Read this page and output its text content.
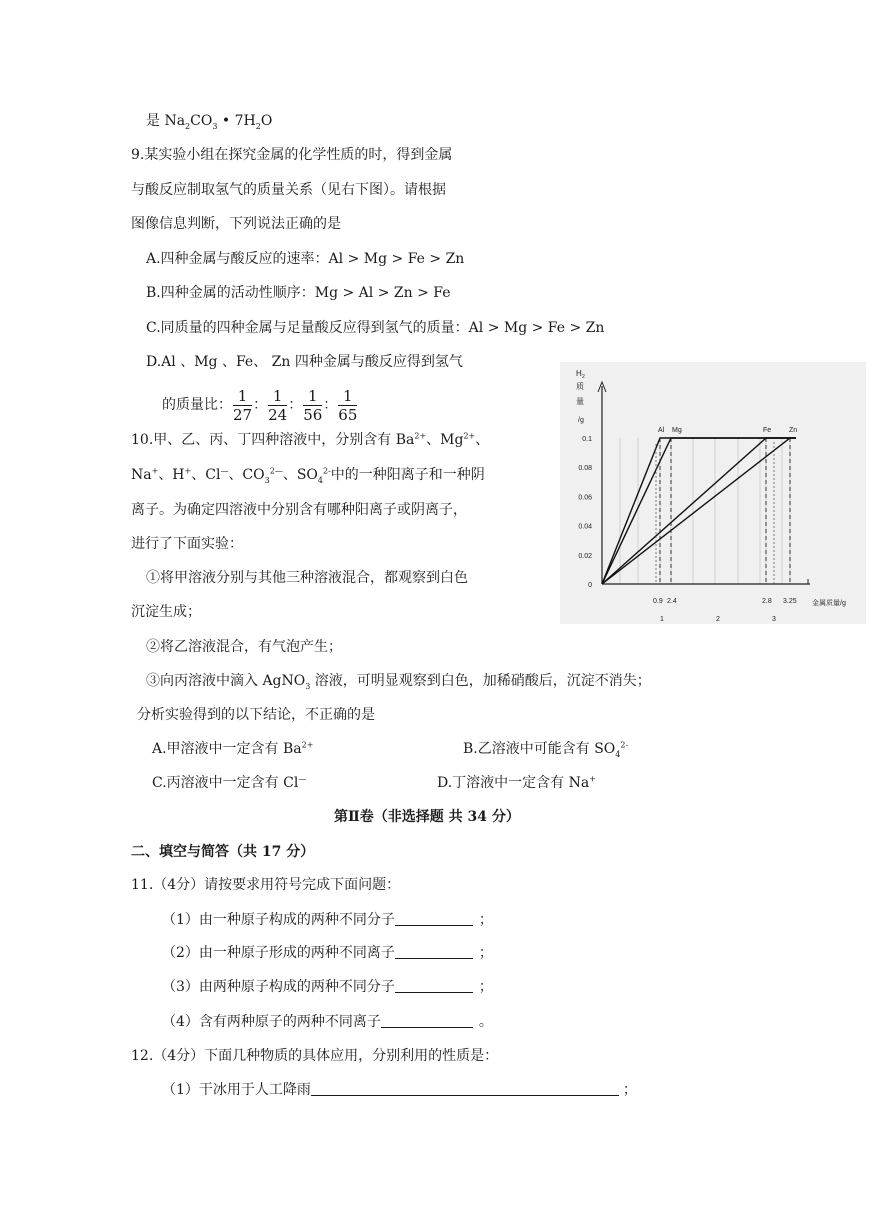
是 $Na_2CO_3$ • $7H_2O$
9.某实验小组在探究金属的化学性质的时，得到金属
与酸反应制取氢气的质量关系（见右下图）。请根据
图像信息判断，下列说法正确的是
A.四种金属与酸反应的速率：Al > Mg > Fe > Zn
B.四种金属的活动性顺序：Mg > Al > Zn > Fe
C.同质量的四种金属与足量酸反应得到氢气的质量：Al > Mg > Fe > Zn
D.Al 、Mg 、Fe、 Zn 四种金属与酸反应得到氢气
的质量比： $\frac{1}{27}$ ： $\frac{1}{24}$ ： $\frac{1}{56}$ ： $\frac{1}{65}$
10.甲、乙、丙、丁四种溶液中，分别含有 $Ba^{2+}$、$Mg^{2+}$、
Na+、H+、Cl—、$CO_3^{2—}$、$SO_4^{2-}$中的一种阳离子和一种阴
离子。为确定四溶液中分别含有哪种阳离子或阴离子，
进行了下面实验：
①将甲溶液分别与其他三种溶液混合，都观察到白色
沉淀生成；
②将乙溶液混合，有气泡产生；
③向丙溶液中滴入 AgNO$_3$ 溶液，可明显观察到白色，加稀硝酸后，沉淀不消失；
分析实验得到的以下结论，不正确的是
A.甲溶液中一定含有 $Ba^{2+}$	B.乙溶液中可能含有 $SO_4^{2-}$
C.丙溶液中一定含有 Cl—	D.丁溶液中一定含有 Na+
第Ⅱ卷（非选择题 共 34 分）
二、填空与简答（共 17 分）
11.（4分）请按要求用符号完成下面问题：
（1）由一种原子构成的两种不同分子	；
（2）由一种原子形成的两种不同离子	；
（3）由两种原子构成的两种不同分子	；
（4）含有两种原子的两种不同离子	。
12.（4分）下面几种物质的具体应用，分别利用的性质是：
（1）干冰用于人工降雨	；
0
0.02
0.04
0.06
0.08
0.1
H 2
质
量
/g
Al Mg	Fe	Zn
0.9 2.4	2.8 3.25
1	2	3
金属质量/g
